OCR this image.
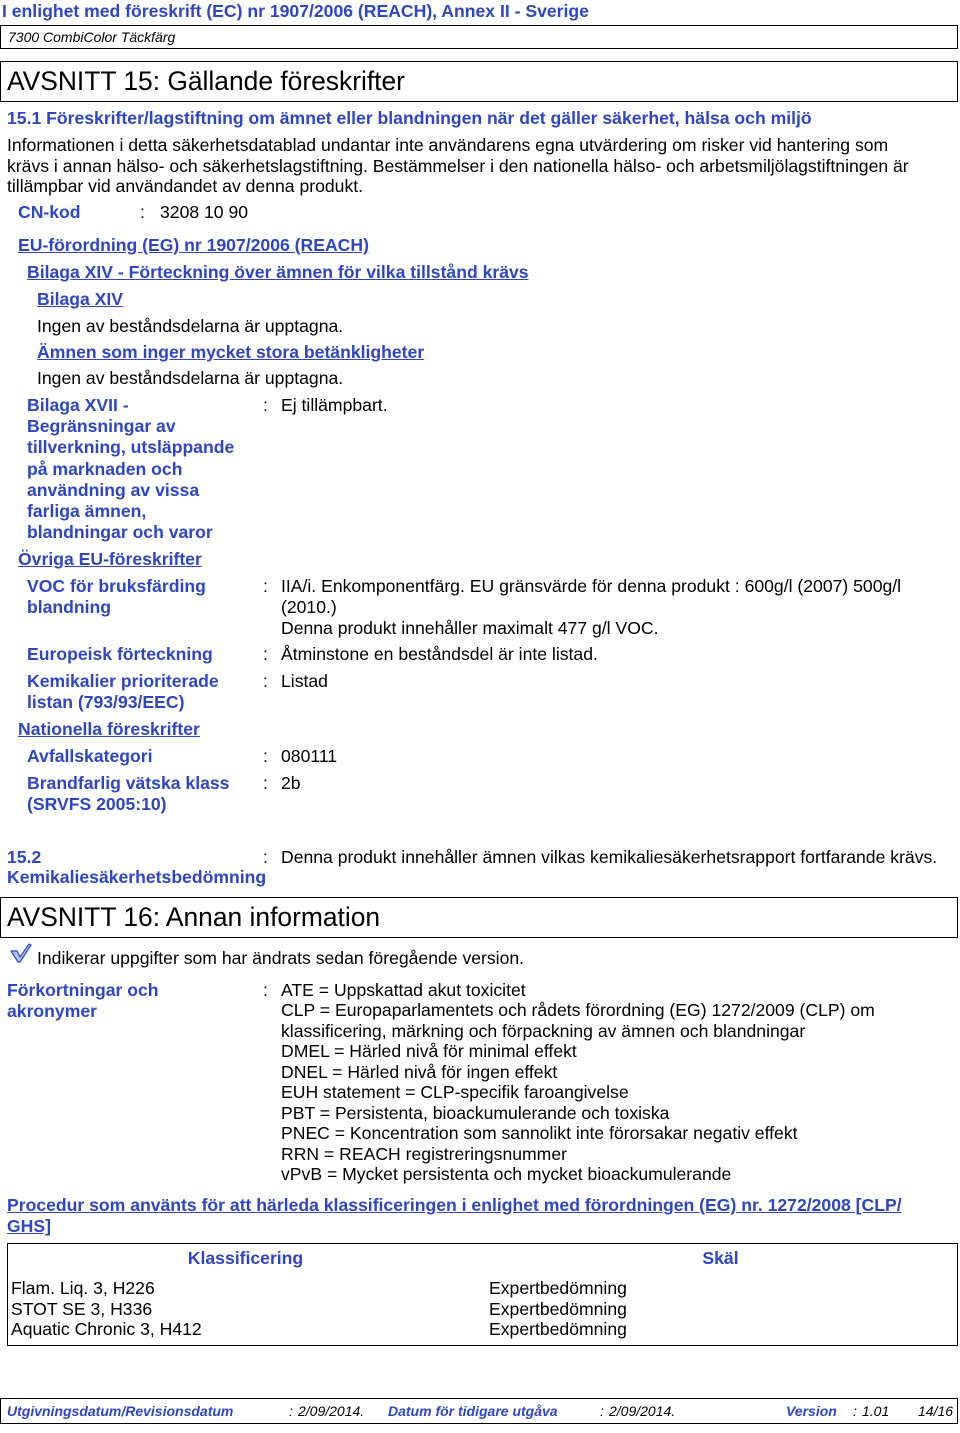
I enlighet med föreskrift (EC) nr 1907/2006 (REACH), Annex II - Sverige
7300 CombiColor Täckfärg
AVSNITT 15: Gällande föreskrifter
15.1 Föreskrifter/lagstiftning om ämnet eller blandningen när det gäller säkerhet, hälsa och miljö
Informationen i detta säkerhetsdatablad undantar inte användarens egna utvärdering om risker vid hantering som
krävs i annan hälso- och säkerhetslagstiftning. Bestämmelser i den nationella hälso- och arbetsmiljölagstiftningen är
tillämpbar vid användandet av denna produkt.
CN-kod	: 3208 10 90
EU-förordning (EG) nr 1907/2006 (REACH)
Bilaga XIV - Förteckning över ämnen för vilka tillstånd krävs
Bilaga XIV
Ingen av beståndsdelarna är upptagna.
Ämnen som inger mycket stora betänkligheter
Ingen av beståndsdelarna är upptagna.
Bilaga XVII -
Begränsningar av
tillverkning, utsläppande
på marknaden och
användning av vissa
farliga ämnen,
blandningar och varor
: Ej tillämpbart.
Övriga EU-föreskrifter
VOC för bruksfärding
blandning
: IIA/i. Enkomponentfärg. EU gränsvärde för denna produkt : 600g/l (2007) 500g/l
(2010.)
Denna produkt innehåller maximalt 477 g/l VOC.
Europeisk förteckning	: Åtminstone en beståndsdel är inte listad.
Kemikalier prioriterade
listan (793/93/EEC)
: Listad
Nationella föreskrifter
Avfallskategori	: 080111
Brandfarlig vätska klass
(SRVFS 2005:10)
: 2b
15.2
Kemikaliesäkerhetsbedömning
: Denna produkt innehåller ämnen vilkas kemikaliesäkerhetsrapport fortfarande krävs.
AVSNITT 16: Annan information
Indikerar uppgifter som har ändrats sedan föregående version.
Förkortningar och
akronymer
: ATE = Uppskattad akut toxicitet
CLP = Europaparlamentets och rådets förordning (EG) 1272/2009 (CLP) om
klassificering, märkning och förpackning av ämnen och blandningar
DMEL = Härled nivå för minimal effekt
DNEL = Härled nivå för ingen effekt
EUH statement = CLP-specifik faroangivelse
PBT = Persistenta, bioackumulerande och toxiska
PNEC = Koncentration som sannolikt inte förorsakar negativ effekt
RRN = REACH registreringsnummer
vPvB = Mycket persistenta och mycket bioackumulerande
Procedur som använts för att härleda klassificeringen i enlighet med förordningen (EG) nr. 1272/2008 [CLP/
GHS]
Klassificering	Skäl
Flam. Liq. 3, H226	Expertbedömning
STOT SE 3, H336	Expertbedömning
Aquatic Chronic 3, H412	Expertbedömning
Utgivningsdatum/Revisionsdatum	: 2/09/2014. Datum för tidigare utgåva	: 2/09/2014.	Version : 1.01 14/16
